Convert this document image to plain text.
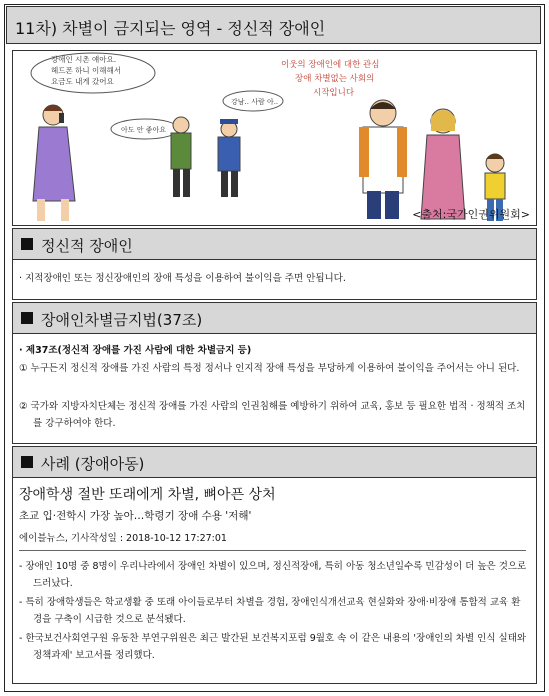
11차) 차별이 금지되는 영역 - 정신적 장애인
장애인 시촌 얘아요.
헤드폰 하니 이해해서
요금도 내게 갔어요
아도 안 좋아요
강남.. 사람 아..
이웃의 장애인에 대한 관심
장애 차별없는 사회의
시작입니다
<출처:국가인권위원회>
정신적 장애인
· 지적장애인 또는 정신장애인의 장애 특성을 이용하여 불이익을 주면 안됩니다.
장애인차별금지법(37조)
· 제37조(정신적 장애를 가진 사람에 대한 차별금지 등)
① 누구든지 정신적 장애를 가진 사람의 특정 정서나 인지적 장애 특성을 부당하게 이용하여 불이익을 주어서는 아니 된다.
② 국가와 지방자치단체는 정신적 장애를 가진 사람의 인권침해를 예방하기 위하여 교육, 홍보 등 필요한 법적 · 정책적 조치를 강구하여야 한다.
사례 (장애아동)
장애학생 절반 또래에게 차별, 뼈아픈 상처
초교 입·전학시 가장 높아…학령기 장애 수용 '저해'
에이블뉴스, 기사작성일 : 2018-10-12 17:27:01
- 장애인 10명 중 8명이 우리나라에서 장애인 차별이 있으며, 정신적장애, 특히 아동 청소년일수록 민감성이 더 높은 것으로 드러났다.
- 특히 장애학생들은 학교생활 중 또래 아이들로부터 차별을 경험, 장애인식개선교육 현실화와 장애·비장애 통합적 교육 환경을 구축이 시급한 것으로 분석됐다.
- 한국보건사회연구원 유동찬 부연구위원은 최근 발간된 보건복지포럼 9월호 속 이 같은 내용의 '장애인의 차별 인식 실태와 정책과제' 보고서를 정리했다.
